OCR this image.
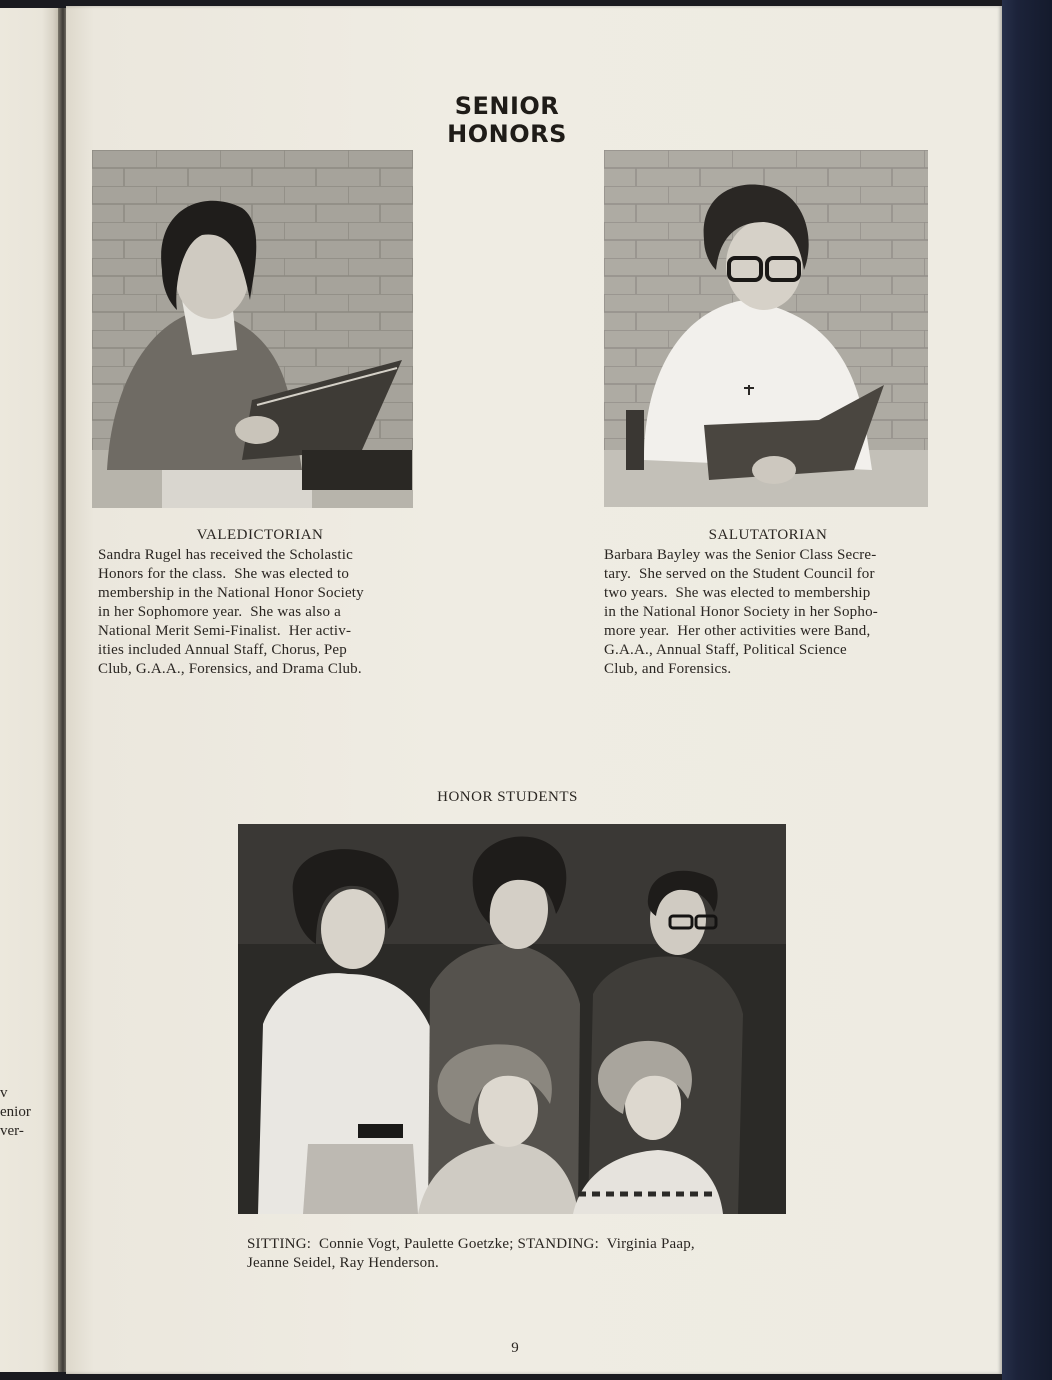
v
enior
ver-
SENIOR HONORS
VALEDICTORIAN
Sandra Rugel has received the Scholastic
Honors for the class.  She was elected to
membership in the National Honor Society
in her Sophomore year.  She was also a
National Merit Semi-Finalist.  Her activ-
ities included Annual Staff, Chorus, Pep
Club, G.A.A., Forensics, and Drama Club.
SALUTATORIAN
Barbara Bayley was the Senior Class Secre-
tary.  She served on the Student Council for
two years.  She was elected to membership
in the National Honor Society in her Sopho-
more year.  Her other activities were Band,
G.A.A., Annual Staff, Political Science
Club, and Forensics.
HONOR STUDENTS
SITTING:  Connie Vogt, Paulette Goetzke; STANDING:  Virginia Paap,
Jeanne Seidel, Ray Henderson.
9
